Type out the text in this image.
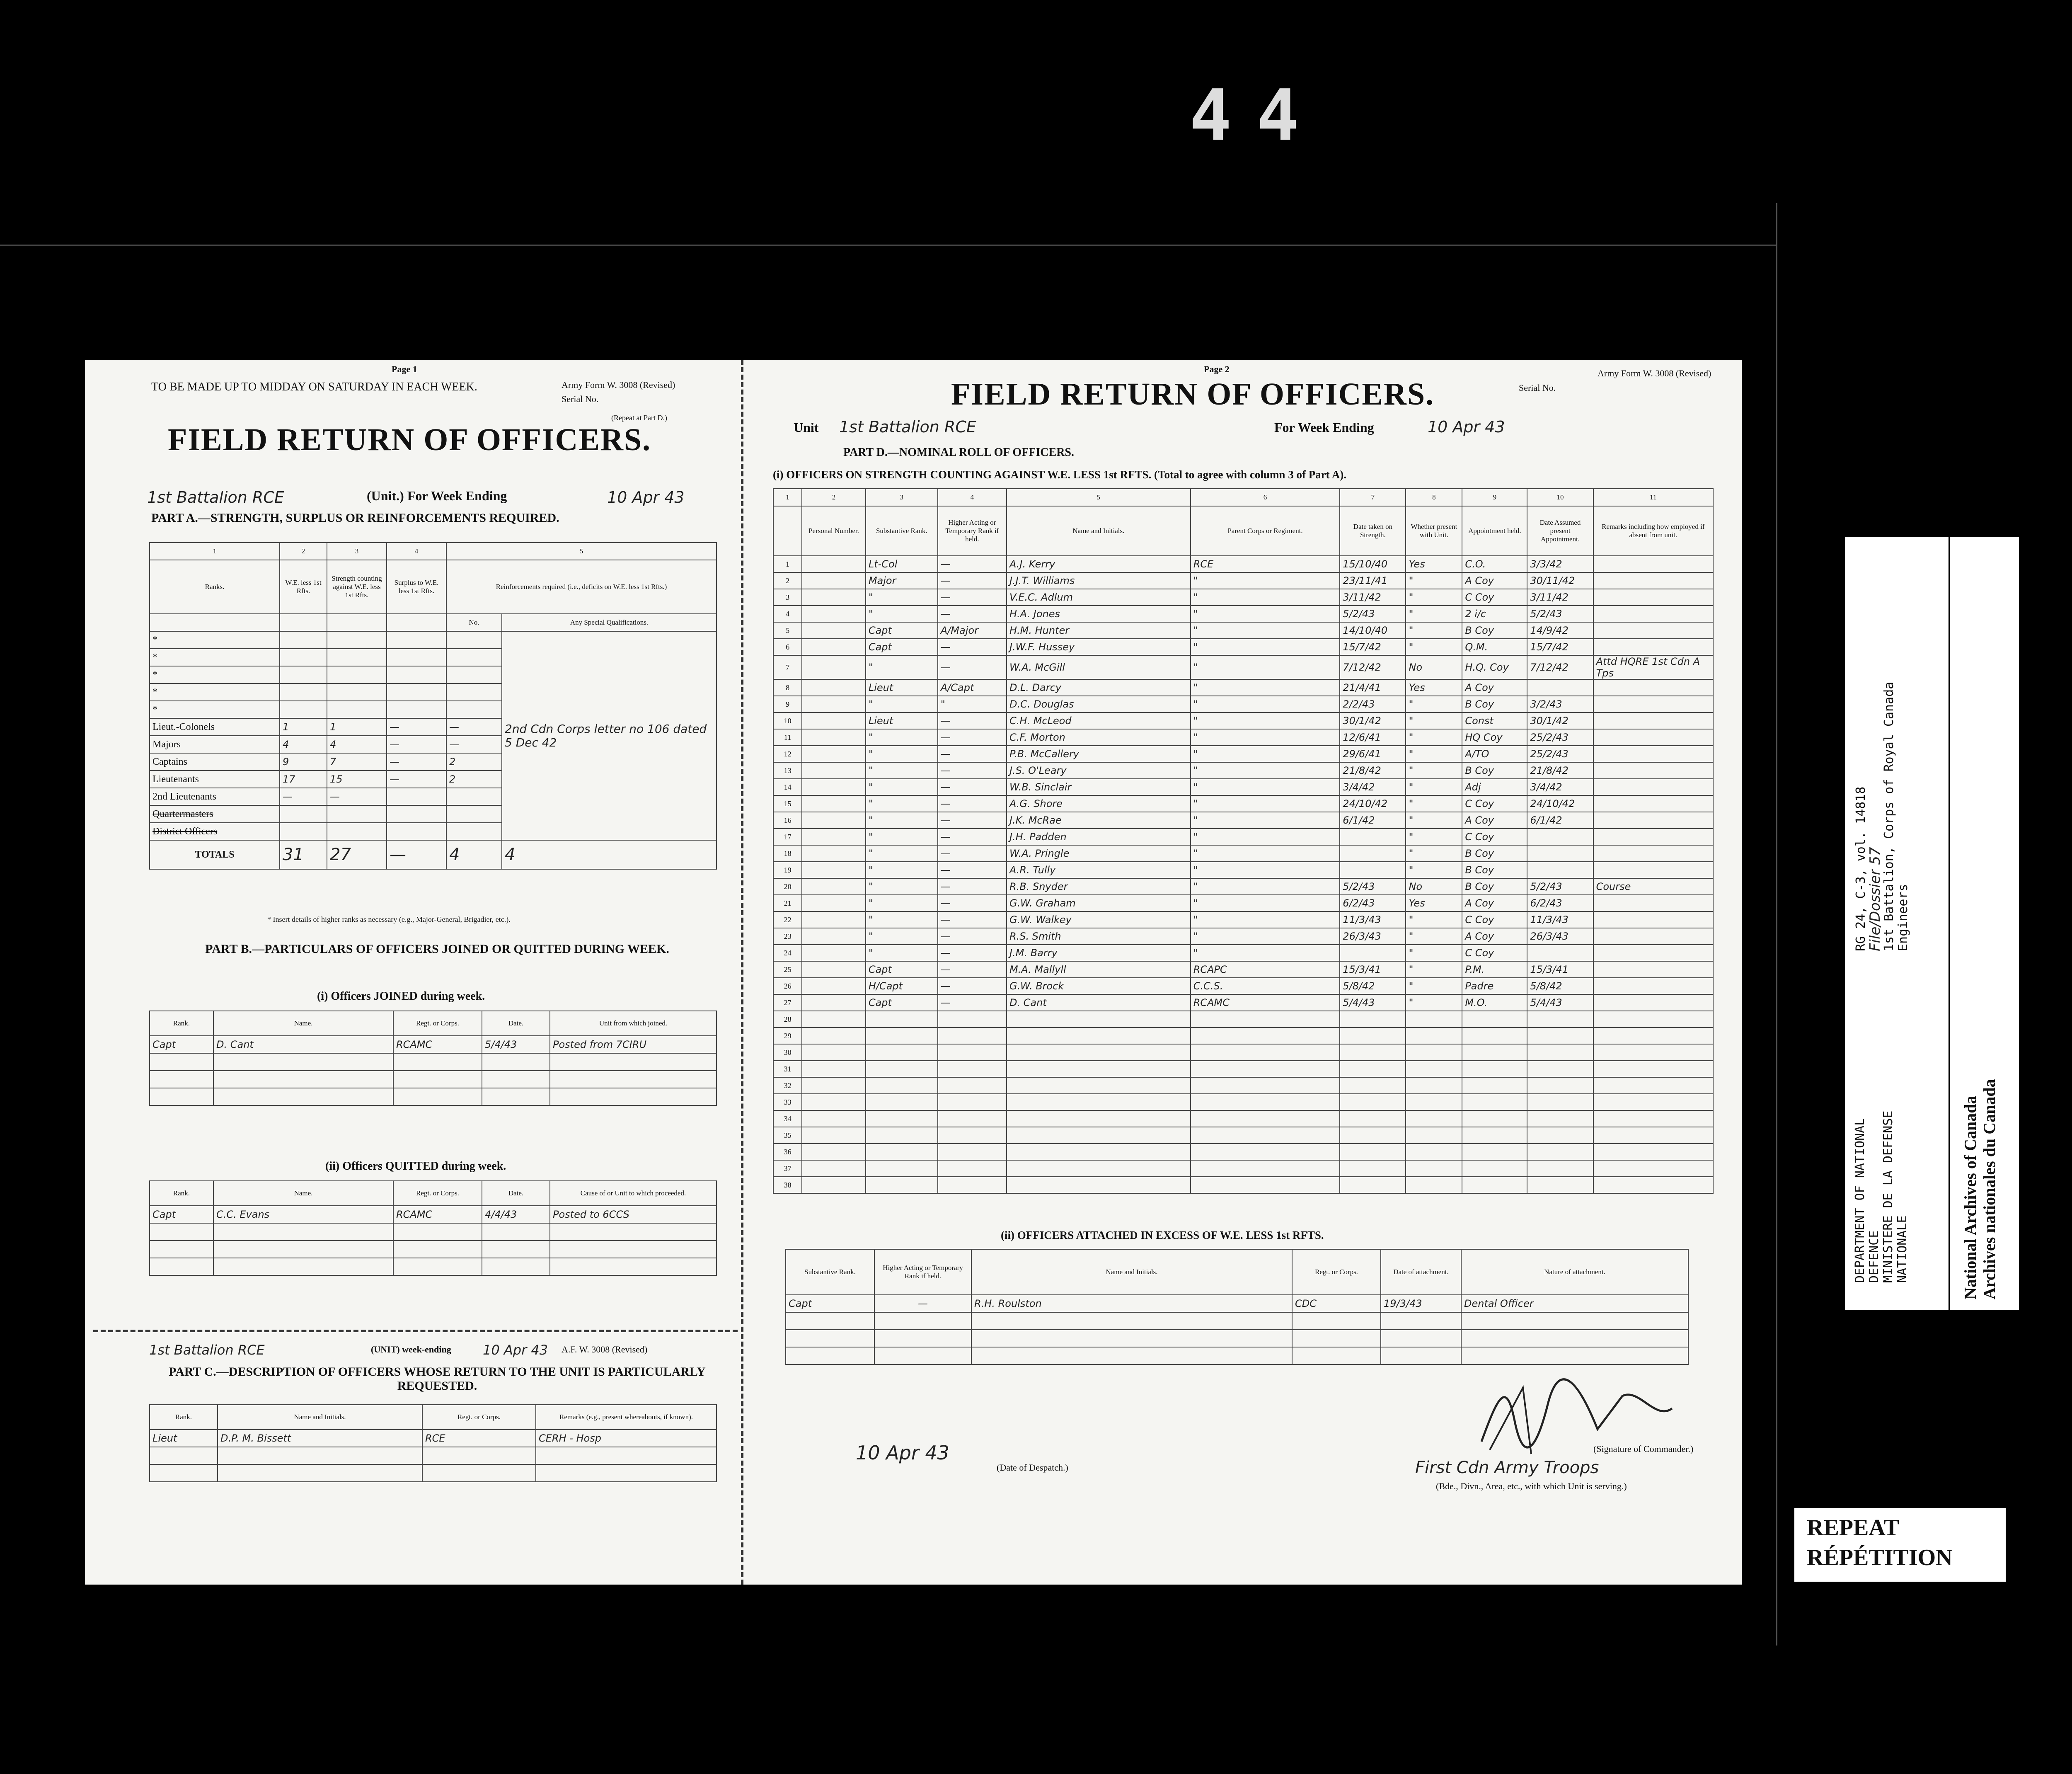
44
Page 1
TO BE MADE UP TO MIDDAY ON SATURDAY IN EACH WEEK.	Army Form W. 3008 (Revised)
Serial No.
(Repeat at Part D.)
FIELD RETURN OF OFFICERS.
1st Battalion RCE	(Unit.) For Week Ending	10 Apr 43
PART A.—STRENGTH, SURPLUS OR REINFORCEMENTS REQUIRED.
1	2	3	4	5	
Ranks.	W.E. less 1st Rfts.	Strength counting against W.E. less 1st Rfts.	Surplus to W.E. less 1st Rfts.	Reinforcements required (i.e., deficits on W.E. less 1st Rfts.)	
				No.	Any Special Qualifications.
*					2nd Cdn Corps letter no 106 dated 5 Dec 42
*					
*					
*					
*					
Lieut.-Colonels	1	1	—	—	
Majors	4	4	—	—	
Captains	9	7	—	2	
Lieutenants	17	15	—	2	
2nd Lieutenants	—	—			
Quartermasters					
District Officers					
TOTALS	31	27	—	4	4
* Insert details of higher ranks as necessary (e.g., Major-General, Brigadier, etc.).
PART B.—PARTICULARS OF OFFICERS JOINED OR QUITTED DURING WEEK.
(i) Officers JOINED during week.
Rank.	Name.	Regt. or Corps.	Date.	Unit from which joined.
Capt	D. Cant	RCAMC	5/4/43	Posted from 7CIRU

(ii) Officers QUITTED during week.
Rank.	Name.	Regt. or Corps.	Date.	Cause of or Unit to which proceeded.
Capt	C.C. Evans	RCAMC	4/4/43	Posted to 6CCS

1st Battalion RCE	(UNIT) week-ending 10 Apr 43 A.F. W. 3008 (Revised)
PART C.—DESCRIPTION OF OFFICERS WHOSE RETURN TO THE UNIT IS PARTICULARLY REQUESTED.
Rank.	Name and Initials.	Regt. or Corps.	Remarks (e.g., present whereabouts, if known).
Lieut	D.P. M. Bissett	RCE	CERH - Hosp

Page 2
FIELD RETURN OF OFFICERS.	Serial No.
Army Form W. 3008 (Revised)
Unit 1st Battalion RCE	For Week Ending	10 Apr 43
PART D.—NOMINAL ROLL OF OFFICERS.
(i) OFFICERS ON STRENGTH COUNTING AGAINST W.E. LESS 1st RFTS. (Total to agree with column 3 of Part A).
1	2	3	4	5	6	7	8	9	10	11
	Personal Number.	Substantive Rank.	Higher Acting or Temporary Rank if held.	Name and Initials.	Parent Corps or Regiment.	Date taken on Strength.	Whether present with Unit.	Appointment held.	Date Assumed present Appointment.	Remarks including how employed if absent from unit.
1		Lt-Col	—	A.J. Kerry	RCE	15/10/40	Yes	C.O.	3/3/42	
2		Major	—	J.J.T. Williams	"	23/11/41	"	A Coy	30/11/42	
3		"	—	V.E.C. Adlum	"	3/11/42	"	C Coy	3/11/42	
4		"	—	H.A. Jones	"	5/2/43	"	2 i/c	5/2/43	
5		Capt	A/Major	H.M. Hunter	"	14/10/40	"	B Coy	14/9/42	
6		Capt	—	J.W.F. Hussey	"	15/7/42	"	Q.M.	15/7/42	
7		"	—	W.A. McGill	"	7/12/42	No	H.Q. Coy	7/12/42	Attd HQRE 1st Cdn A Tps
8		Lieut	A/Capt	D.L. Darcy	"	21/4/41	Yes	A Coy		
9		"	"	D.C. Douglas	"	2/2/43	"	B Coy	3/2/43	
10		Lieut	—	C.H. McLeod	"	30/1/42	"	Const	30/1/42	
11		"	—	C.F. Morton	"	12/6/41	"	HQ Coy	25/2/43	
12		"	—	P.B. McCallery	"	29/6/41	"	A/TO	25/2/43	
13		"	—	J.S. O'Leary	"	21/8/42	"	B Coy	21/8/42	
14		"	—	W.B. Sinclair	"	3/4/42	"	Adj	3/4/42	
15		"	—	A.G. Shore	"	24/10/42	"	C Coy	24/10/42	
16		"	—	J.K. McRae	"	6/1/42	"	A Coy	6/1/42	
17		"	—	J.H. Padden	"		"	C Coy		
18		"	—	W.A. Pringle	"		"	B Coy		
19		"	—	A.R. Tully	"		"	B Coy		
20		"	—	R.B. Snyder	"	5/2/43	No	B Coy	5/2/43	Course
21		"	—	G.W. Graham	"	6/2/43	Yes	A Coy	6/2/43	
22		"	—	G.W. Walkey	"	11/3/43	"	C Coy	11/3/43	
23		"	—	R.S. Smith	"	26/3/43	"	A Coy	26/3/43	
24		"	—	J.M. Barry	"		"	C Coy		
25		Capt	—	M.A. Mallyll	RCAPC	15/3/41	"	P.M.	15/3/41	
26		H/Capt	—	G.W. Brock	C.C.S.	5/8/42	"	Padre	5/8/42	
27		Capt	—	D. Cant	RCAMC	5/4/43	"	M.O.	5/4/43	
28										
29										
30										
31										
32										
33										
34										
35										
36										
37										
38										
(ii) OFFICERS ATTACHED IN EXCESS OF W.E. LESS 1st RFTS.
Substantive Rank.	Higher Acting or Temporary Rank if held.	Name and Initials.	Regt. or Corps.	Date of attachment.	Nature of attachment.
Capt	—	R.H. Roulston	CDC	19/3/43	Dental Officer

10 Apr 43
(Date of Despatch.)
(Signature of Commander.)
First Cdn Army Troops
(Bde., Divn., Area, etc., with which Unit is serving.)
DEPARTMENT OF NATIONAL DEFENCE MINISTERE DE LA DEFENSE NATIONALE
RG 24, C-3, vol. 14818
File/Dossier 57
1st Battalion, Corps of Royal Canada Engineers
National Archives of Canada Archives nationales du Canada
REPEAT
RÉPÉTITION
